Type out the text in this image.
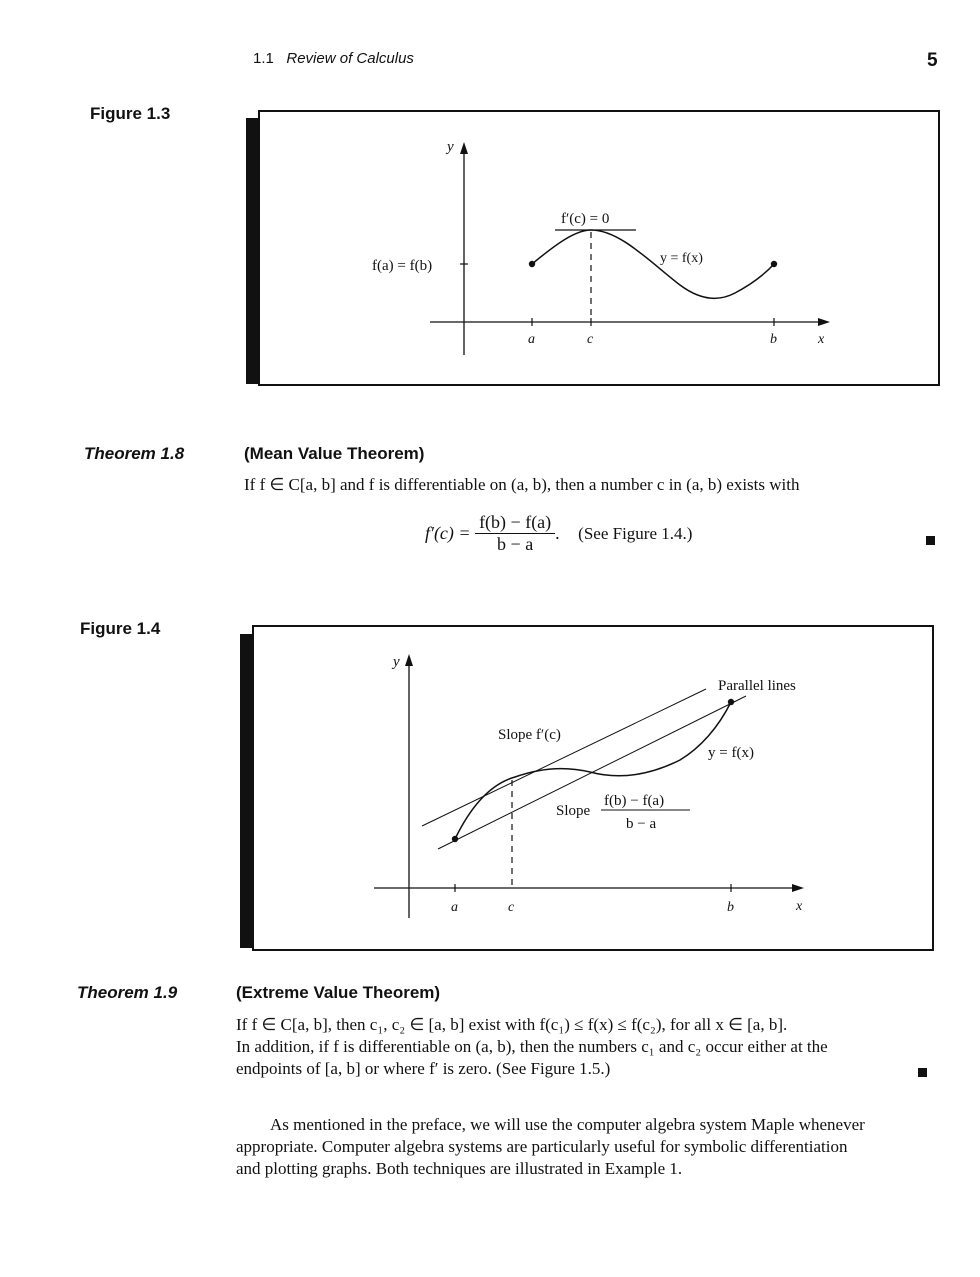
1.1 Review of Calculus	5
Figure 1.3
y
x
f(a) = f(b)
f′(c) = 0
y = f(x)
a	c	b
Theorem 1.8	(Mean Value Theorem)
If f ∈ C[a, b] and f is differentiable on (a, b), then a number c in (a, b) exists with
$f'(c) = \frac{f(b) - f(a)}{b - a}$ . (See Figure 1.4.)
Figure 1.4
y
x
Parallel lines
Slope f′(c)
y = f(x)
Slope
f(b) − f(a)
b − a
a	c	b
Theorem 1.9	(Extreme Value Theorem)
If f ∈ C[a, b], then c₁, c₂ ∈ [a, b] exist with f(c₁) ≤ f(x) ≤ f(c₂), for all x ∈ [a, b].
In addition, if f is differentiable on (a, b), then the numbers c₁ and c₂ occur either at the
endpoints of [a, b] or where f′ is zero. (See Figure 1.5.)
As mentioned in the preface, we will use the computer algebra system Maple whenever
appropriate. Computer algebra systems are particularly useful for symbolic differentiation
and plotting graphs. Both techniques are illustrated in Example 1.
